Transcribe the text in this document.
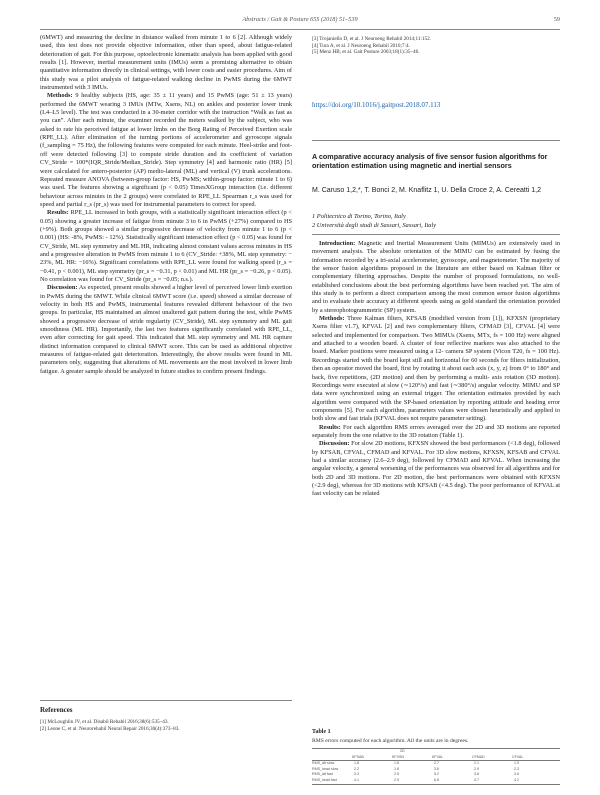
Abstracts / Gait & Posture 65S (2018) 51–539	59

(6MWT) and measuring the decline in distance walked from minute 1 to 6 [2]. Although widely used, this test does not provide objective information, other than speed, about fatigue-related deterioration of gait. For this purpose, optoelectronic kinematic analysis has been applied with good results [1]. However, inertial measurement units (IMUs) seem a promising alternative to obtain quantitative information directly in clinical settings, with lower costs and easier procedures. Aim of this study was a pilot analysis of fatigue-related walking decline in PwMS during the 6MWT instrumented with 3 IMUs.

Methods: 9 healthy subjects (HS, age: 35 ± 11 years) and 15 PwMS (age: 51 ± 13 years) performed the 6MWT wearing 3 IMUs (MTw, Xsens, NL) on ankles and posterior lower trunk (L4–L5 level). The test was conducted in a 30-meter corridor with the instruction “Walk as fast as you can”. After each minute, the examiner recorded the meters walked by the subject, who was asked to rate his perceived fatigue at lower limbs on the Borg Rating of Perceived Exertion scale (RPE_LL). After elimination of the turning portions of accelerometer and gyroscope signals (f_sampling = 75 Hz), the following features were computed for each minute. Heel-strike and foot-off were detected following [3] to compute stride duration and its coefficient of variation CV_Stride = 100*(IQR_Stride/Median_Stride). Step symmetry [4] and harmonic ratio (HR) [5] were calculated for antero-posterior (AP) medio-lateral (ML) and vertical (V) trunk accelerations. Repeated measure ANOVA (between-group factor: HS, PwMS; within-group factor: minute 1 to 6) was used. The features showing a significant (p < 0.05) TimesXGroup interaction (i.e. different behaviour across minutes in the 2 groups) were correlated to RPE_LL Spearman r_s was used for speed and partial r_s (pr_s) was used for instrumental parameters to correct for speed.

Results: RPE_LL increased in both groups, with a statistically significant interaction effect (p < 0.05) showing a greater increase of fatigue from minute 3 to 6 in PwMS (+27%) compared to HS (+9%). Both groups showed a similar progressive decrease of velocity from minute 1 to 6 (p < 0.001) (HS: -8%, PwMS: - 12%). Statistically significant interaction effect (p < 0.05) was found for CV_Stride, ML step symmetry and ML HR, indicating almost constant values across minutes in HS and a progressive alteration in PwMS from minute 1 to 6 (CV_Stride: +38%, ML step symmetry: − 23%, ML HR: −16%). Significant correlations with RPE_LL were found for walking speed (r_s = −0.41, p < 0.001), ML step symmetry (pr_s = −0.31, p < 0.01) and ML HR (pr_s = −0.26, p < 0.05). No correlation was found for CV_Stride (pr_s = −0.05; n.s.).

Discussion: As expected, present results showed a higher level of perceived lower limb exertion in PwMS during the 6MWT. While clinical 6MWT score (i.e. speed) showed a similar decrease of velocity in both HS and PwMS, instrumental features revealed different behaviour of the two groups. In particular, HS maintained an almost unaltered gait pattern during the test, while PwMS showed a progressive decrease of stride regularity (CV_Stride), ML step symmetry and ML gait smoothness (ML HR). Importantly, the last two features significantly correlated with RPE_LL, even after correcting for gait speed. This indicated that ML step symmetry and ML HR capture distinct information compared to clinical 6MWT score. This can be used as additional objective measures of fatigue-related gait deterioration. Interestingly, the above results were found in ML parameters only, suggesting that alterations of ML movements are the most involved in lower limb fatigue. A greater sample should be analyzed in future studies to confirm present findings.

References
[1] McLoughlin JV, et al. Disabil Rehabil 2016;38(6):535–43.
[2] Leone C, et al. Neurorehabil Neural Repair 2016;30(4):373–83.
[3] Trojaniello D, et al. J Neuroeng Rehabil 2014;11:152.
[4] Tura A, et al. J Neuroeng Rehabil 2010;7:4.
[5] Menz HB, et al. Gait Posture 2003;18(1):35–46.
https://doi.org/10.1016/j.gaitpost.2018.07.113
A comparative accuracy analysis of five sensor fusion algorithms for orientation estimation using magnetic and inertial sensors
M. Caruso 1,2,*, T. Bonci 2, M. Knaflitz 1, U. Della Croce 2, A. Cereatti 1,2
1 Politecnico di Torino, Torino, Italy
2 Università degli studi di Sassari, Sassari, Italy

Introduction: Magnetic and Inertial Measurement Units (MIMUs) are extensively used in movement analysis. The absolute orientation of the MIMU can be estimated by fusing the information recorded by a tri-axial accelerometer, gyroscope, and magnetometer. The majority of the sensor fusion algorithms proposed in the literature are either based on Kalman filter or complementary filtering approaches. Despite the number of proposed formulations, no well-established conclusions about the best performing algorithms have been reached yet. The aim of this study is to perform a direct comparison among the most common sensor fusion algorithms and to evaluate their accuracy at different speeds using as gold standard the orientation provided by a stereophotogrammetric (SP) system.

Methods: Three Kalman filters, KFSAB (modified version from [1]), KFXSN (proprietary Xsens filter v1.7), KFVAL [2] and two complementary filters, CFMAD [3], CFVAL [4] were selected and implemented for comparison. Two MIMUs (Xsens, MTx, fs = 100 Hz) were aligned and attached to a wooden board. A cluster of four reflective markers was also attached to the board. Marker positions were measured using a 12- camera SP system (Vicon T20, fs = 100 Hz). Recordings started with the board kept still and horizontal for 60 seconds for filters initialization, then an operator moved the board, first by rotating it about each axis (x, y, z) from 0° to 180° and back, five repetitions, (2D motion) and then by performing a multi- axis rotation (3D motion). Recordings were executed at slow (∼120°/s) and fast (∼380°/s) angular velocity. MIMU and SP data were synchronized using an external trigger. The orientation estimates provided by each algorithm were compared with the SP-based orientation by reporting attitude and heading error components [5]. For each algorithm, parameters values were chosen heuristically and applied to both slow and fast trials (KFVAL does not require parameter setting).

Results: For each algorithm RMS errors averaged over the 2D and 3D motions are reported separately from the one relative to the 3D rotation (Table 1).

Discussion: For slow 2D motions, KFXSN showed the best performances (<1.8 deg), followed by KFSAB, CFVAL, CFMAD and KFVAL. For 3D slow motions, KFXSN, KFSAB and CFVAL had a similar accuracy (2.6–2.9 deg), followed by CFMAD and KFVAL. When increasing the angular velocity, a general worsening of the performances was observed for all algorithms and for both 2D and 3D motions. For 2D motion, the best performances were obtained with KFXSN (<2.9 deg), whereas for 3D motions with KFSAB (<4.5 deg). The poor performance of KFVAL at fast velocity can be related

Table 1
RMS errors computed for each algorithm. All the units are in degrees.
2D
KFSAB	KFXSN	KFVAL	CFMAD	CFVAL
RMS_att slow	1.8	1.6	2.7	2.1	1.9
RMS_head slow	2.2	1.8	3.6	2.9	2.3
RMS_att fast	3.3	2.5	5.2	3.8	3.6
RMS_head fast	4.1	2.9	6.8	4.7	4.2
